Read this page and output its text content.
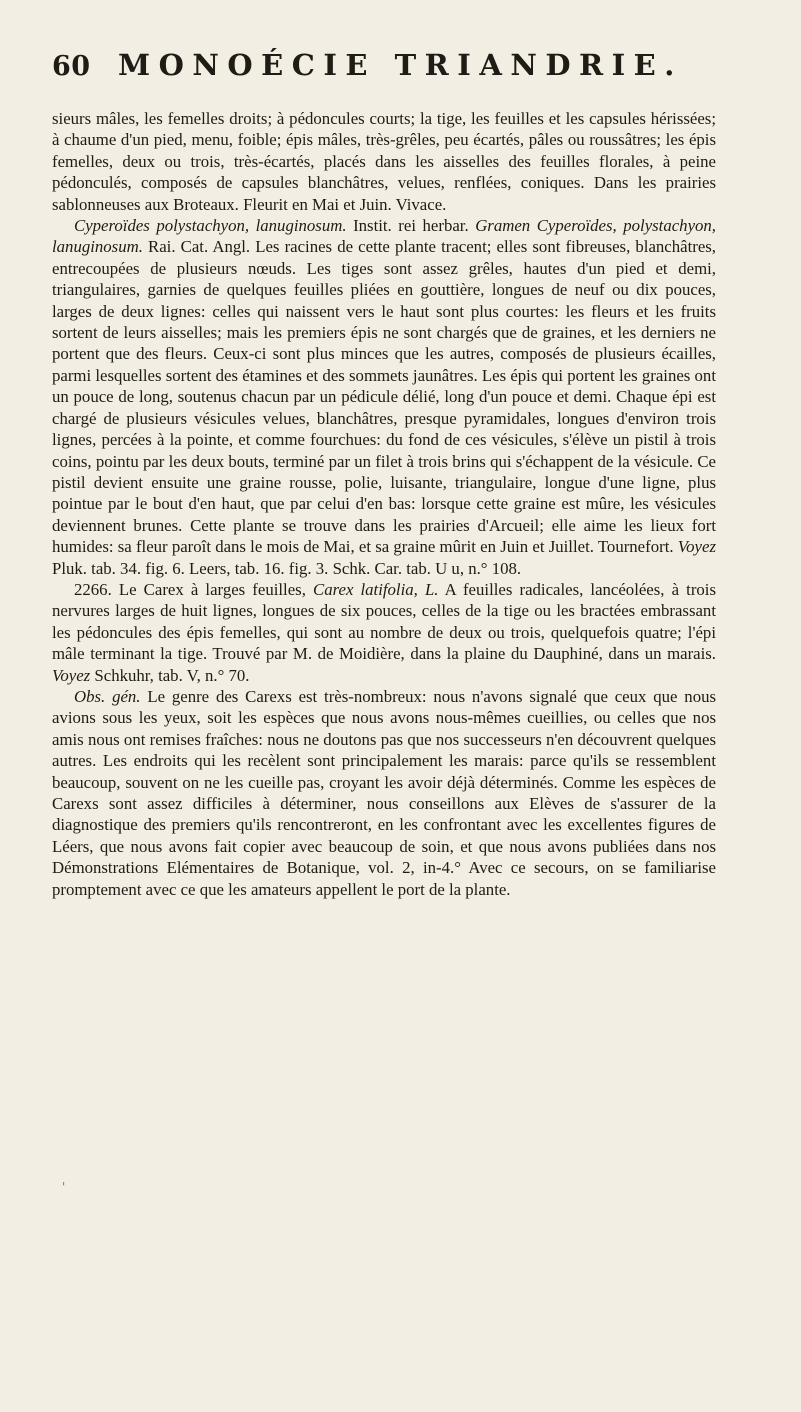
60 MONOÉCIE TRIANDRIE.

sieurs mâles, les femelles droits; à pédoncules courts; la tige, les feuilles et les capsules hérissées; à chaume d'un pied, menu, foible; épis mâles, très-grêles, peu écartés, pâles ou roussâtres; les épis femelles, deux ou trois, très-écartés, placés dans les aisselles des feuilles florales, à peine pédonculés, composés de capsules blanchâtres, velues, renflées, coniques. Dans les prairies sablonneuses aux Broteaux. Fleurit en Mai et Juin. Vivace.

Cyperoïdes polystachyon, lanuginosum. Instit. rei herbar. Gramen Cyperoïdes, polystachyon, lanuginosum. Rai. Cat. Angl. Les racines de cette plante tracent; elles sont fibreuses, blanchâtres, entrecoupées de plusieurs nœuds. Les tiges sont assez grêles, hautes d'un pied et demi, triangulaires, garnies de quelques feuilles pliées en gouttière, longues de neuf ou dix pouces, larges de deux lignes: celles qui naissent vers le haut sont plus courtes: les fleurs et les fruits sortent de leurs aisselles; mais les premiers épis ne sont chargés que de graines, et les derniers ne portent que des fleurs. Ceux-ci sont plus minces que les autres, composés de plusieurs écailles, parmi lesquelles sortent des étamines et des sommets jaunâtres. Les épis qui portent les graines ont un pouce de long, soutenus chacun par un pédicule délié, long d'un pouce et demi. Chaque épi est chargé de plusieurs vésicules velues, blanchâtres, presque pyramidales, longues d'environ trois lignes, percées à la pointe, et comme fourchues: du fond de ces vésicules, s'élève un pistil à trois coins, pointu par les deux bouts, terminé par un filet à trois brins qui s'échappent de la vésicule. Ce pistil devient ensuite une graine rousse, polie, luisante, triangulaire, longue d'une ligne, plus pointue par le bout d'en haut, que par celui d'en bas: lorsque cette graine est mûre, les vésicules deviennent brunes. Cette plante se trouve dans les prairies d'Arcueil; elle aime les lieux fort humides: sa fleur paroît dans le mois de Mai, et sa graine mûrit en Juin et Juillet. Tournefort. Voyez Pluk. tab. 34. fig. 6. Leers, tab. 16. fig. 3. Schk. Car. tab. U u, n.° 108.

2266. Le Carex à larges feuilles, Carex latifolia, L. A feuilles radicales, lancéolées, à trois nervures larges de huit lignes, longues de six pouces, celles de la tige ou les bractées embrassant les pédoncules des épis femelles, qui sont au nombre de deux ou trois, quelquefois quatre; l'épi mâle terminant la tige. Trouvé par M. de Moidière, dans la plaine du Dauphiné, dans un marais. Voyez Schkuhr, tab. V, n.° 70.

Obs. gén. Le genre des Carexs est très-nombreux: nous n'avons signalé que ceux que nous avions sous les yeux, soit les espèces que nous avons nous-mêmes cueillies, ou celles que nos amis nous ont remises fraîches: nous ne doutons pas que nos successeurs n'en découvrent quelques autres. Les endroits qui les recèlent sont principalement les marais: parce qu'ils se ressemblent beaucoup, souvent on ne les cueille pas, croyant les avoir déjà déterminés. Comme les espèces de Carexs sont assez difficiles à déterminer, nous conseillons aux Elèves de s'assurer de la diagnostique des premiers qu'ils rencontreront, en les confrontant avec les excellentes figures de Léers, que nous avons fait copier avec beaucoup de soin, et que nous avons publiées dans nos Démonstrations Elémentaires de Botanique, vol. 2, in-4.° Avec ce secours, on se familiarise promptement avec ce que les amateurs appellent le port de la plante.

'
